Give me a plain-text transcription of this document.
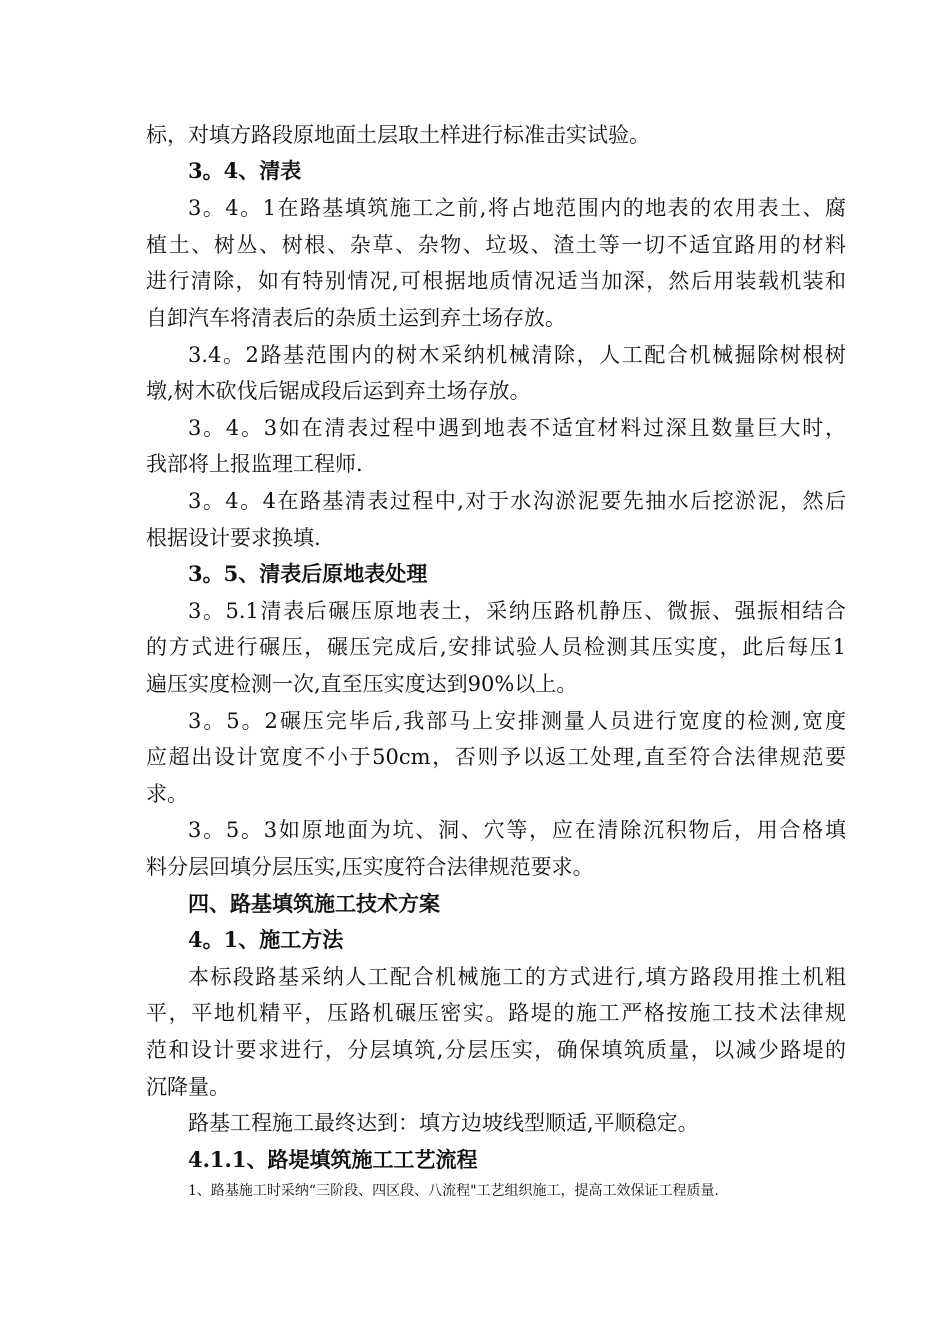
标，对填方路段原地面土层取土样进行标准击实试验。
3。4、清表
3。4。1在路基填筑施工之前,将占地范围内的地表的农用表土、腐
植土、树丛、树根、杂草、杂物、垃圾、渣土等一切不适宜路用的材料
进行清除，如有特别情况,可根据地质情况适当加深，然后用装载机装和
自卸汽车将清表后的杂质土运到弃土场存放。
3.4。2路基范围内的树木采纳机械清除，人工配合机械掘除树根树
墩,树木砍伐后锯成段后运到弃土场存放。
3。4。3如在清表过程中遇到地表不适宜材料过深且数量巨大时，
我部将上报监理工程师.
3。4。4在路基清表过程中,对于水沟淤泥要先抽水后挖淤泥，然后
根据设计要求换填.
3。5、清表后原地表处理
3。5.1清表后碾压原地表土，采纳压路机静压、微振、强振相结合
的方式进行碾压，碾压完成后,安排试验人员检测其压实度，此后每压1
遍压实度检测一次,直至压实度达到90%以上。
3。5。2碾压完毕后,我部马上安排测量人员进行宽度的检测,宽度
应超出设计宽度不小于50cm，否则予以返工处理,直至符合法律规范要
求。
3。5。3如原地面为坑、洞、穴等，应在清除沉积物后，用合格填
料分层回填分层压实,压实度符合法律规范要求。
四、路基填筑施工技术方案
4。1、施工方法
本标段路基采纳人工配合机械施工的方式进行,填方路段用推土机粗
平，平地机精平，压路机碾压密实。路堤的施工严格按施工技术法律规
范和设计要求进行，分层填筑,分层压实，确保填筑质量，以减少路堤的
沉降量。
路基工程施工最终达到：填方边坡线型顺适,平顺稳定。
4.1.1、路堤填筑施工工艺流程
1、路基施工时采纳“三阶段、四区段、八流程"工艺组织施工，提高工效保证工程质量.
